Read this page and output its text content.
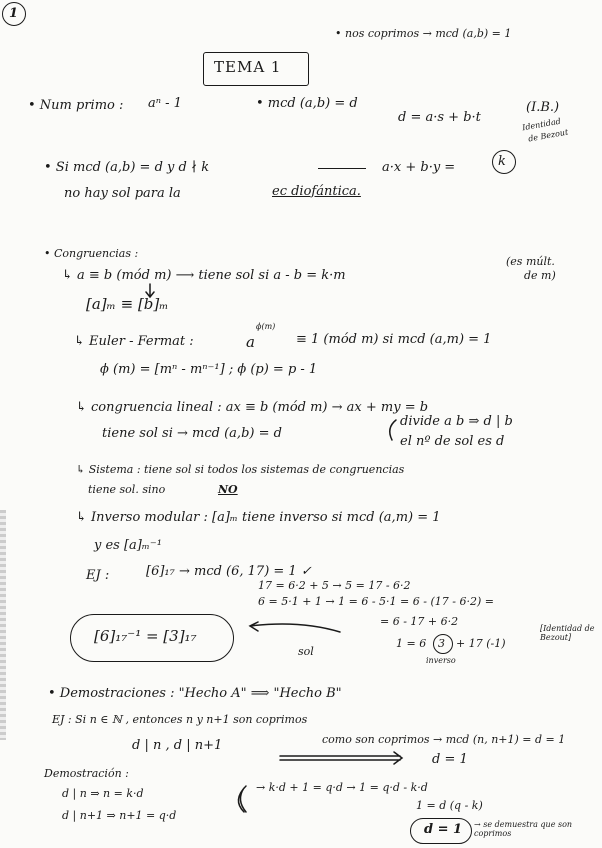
1
TEMA 1
• nos coprimos → mcd (a,b) = 1
• Num primo : aⁿ - 1	• mcd (a,b) = d
d = a·s + b·t
(I.B.)
Identidad
de Bezout
• Si mcd (a,b) = d y d ∤ k	a·x + b·y =	k
no hay sol para la	ec diofántica.
• Congruencias :
↳ a ≡ b (mód m) ⟶ tiene sol si a - b = k·m
(es múlt.
de m)
[a]ₘ ≡ [b]ₘ
↳ Euler - Fermat :	a
ϕ(m)
≡ 1 (mód m) si mcd (a,m) = 1
ϕ (m) = [mⁿ - mⁿ⁻¹] ; ϕ (p) = p - 1
↳ congruencia lineal : ax ≡ b (mód m) → ax + my = b
tiene sol si → mcd (a,b) = d
divide a b ⇒ d | b
el nº de sol es d
↳ Sistema : tiene sol si todos los sistemas de congruencias
tiene sol. sino	NO
↳ Inverso modular : [a]ₘ tiene inverso si mcd (a,m) = 1
y es [a]ₘ⁻¹
EJ :	[6]₁₇ → mcd (6, 17) = 1 ✓
17 = 6·2 + 5 → 5 = 17 - 6·2
6 = 5·1 + 1 → 1 = 6 - 5·1 = 6 - (17 - 6·2) =
= 6 - 17 + 6·2
1 = 6 3 + 17 (-1)
[Identidad de Bezout]
inverso
[6]₁₇⁻¹ = [3]₁₇
sol
• Demostraciones : "Hecho A" ⟹ "Hecho B"
EJ : Si n ∈ ℕ , entonces n y n+1 son coprimos
d | n , d | n+1	como son coprimos → mcd (n, n+1) = d = 1
d = 1
Demostración :
d | n ⇒ n = k·d
d | n+1 ⇒ n+1 = q·d
→ k·d + 1 = q·d → 1 = q·d - k·d
1 = d (q - k)
d = 1 → se demuestra que son coprimos
